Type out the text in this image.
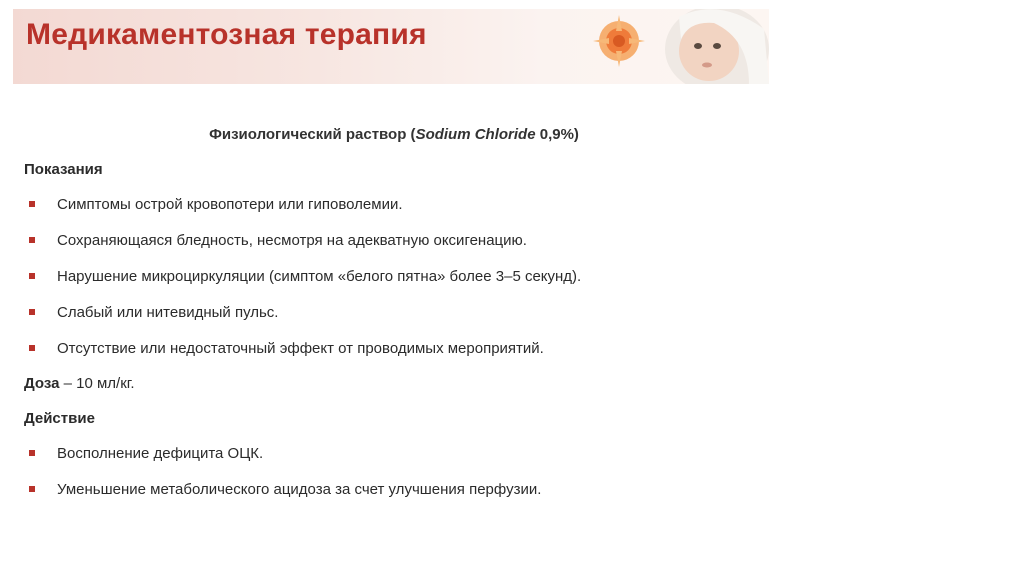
Медикаментозная терапия

Физиологический раствор (Sodium Chloride 0,9%)

Показания

Симптомы острой кровопотери или гиповолемии.
Сохраняющаяся бледность, несмотря на адекватную оксигенацию.
Нарушение микроциркуляции (симптом «белого пятна» более 3–5 секунд).
Слабый или нитевидный пульс.
Отсутствие или недостаточный эффект от проводимых мероприятий.

Доза – 10 мл/кг.

Действие

Восполнение дефицита ОЦК.
Уменьшение метаболического ацидоза за счет улучшения перфузии.
